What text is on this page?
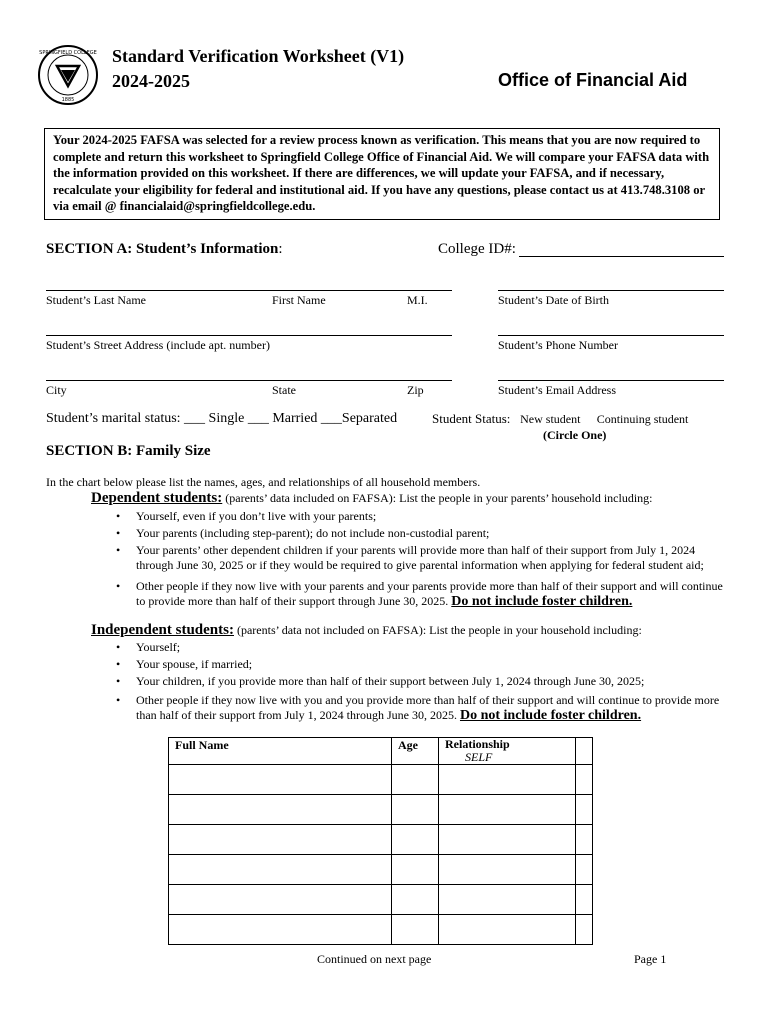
SPRINGFIELD COLLEGE
1885
Standard Verification Worksheet (V1)
2024-2025	Office of Financial Aid
Your 2024-2025 FAFSA was selected for a review process known as verification. This means that you are now required to complete and return this worksheet to Springfield College Office of Financial Aid. We will compare your FAFSA data with the information provided on this worksheet. If there are differences, we will update your FAFSA, and if necessary, recalculate your eligibility for federal and institutional aid. If you have any questions, please contact us at 413.748.3108 or via email @ financialaid@springfieldcollege.edu.
SECTION A: Student’s Information:	College ID#:
Student’s Last Name	First Name	M.I.	Student’s Date of Birth
Student’s Street Address (include apt. number)	Student’s Phone Number
City	State	Zip	Student’s Email Address
Student’s marital status: ___ Single ___ Married ___Separated	Student Status: New student Continuing student
(Circle One)
SECTION B: Family Size
In the chart below please list the names, ages, and relationships of all household members.
Dependent students: (parents’ data included on FAFSA): List the people in your parents’ household including:
• Yourself, even if you don’t live with your parents;
• Your parents (including step-parent); do not include non-custodial parent;
• Your parents’ other dependent children if your parents will provide more than half of their support from July 1, 2024 through June 30, 2025 or if they would be required to give parental information when applying for federal student aid;
• Other people if they now live with your parents and your parents provide more than half of their support and will continue to provide more than half of their support through June 30, 2025. Do not include foster children.
Independent students: (parents’ data not included on FAFSA): List the people in your household including:
• Yourself;
• Your spouse, if married;
• Your children, if you provide more than half of their support between July 1, 2024 through June 30, 2025;
• Other people if they now live with you and you provide more than half of their support and will continue to provide more than half of their support from July 1, 2024 through June 30, 2025. Do not include foster children.
Full Name	Age	Relationship
SELF	

Continued on next page	Page 1
